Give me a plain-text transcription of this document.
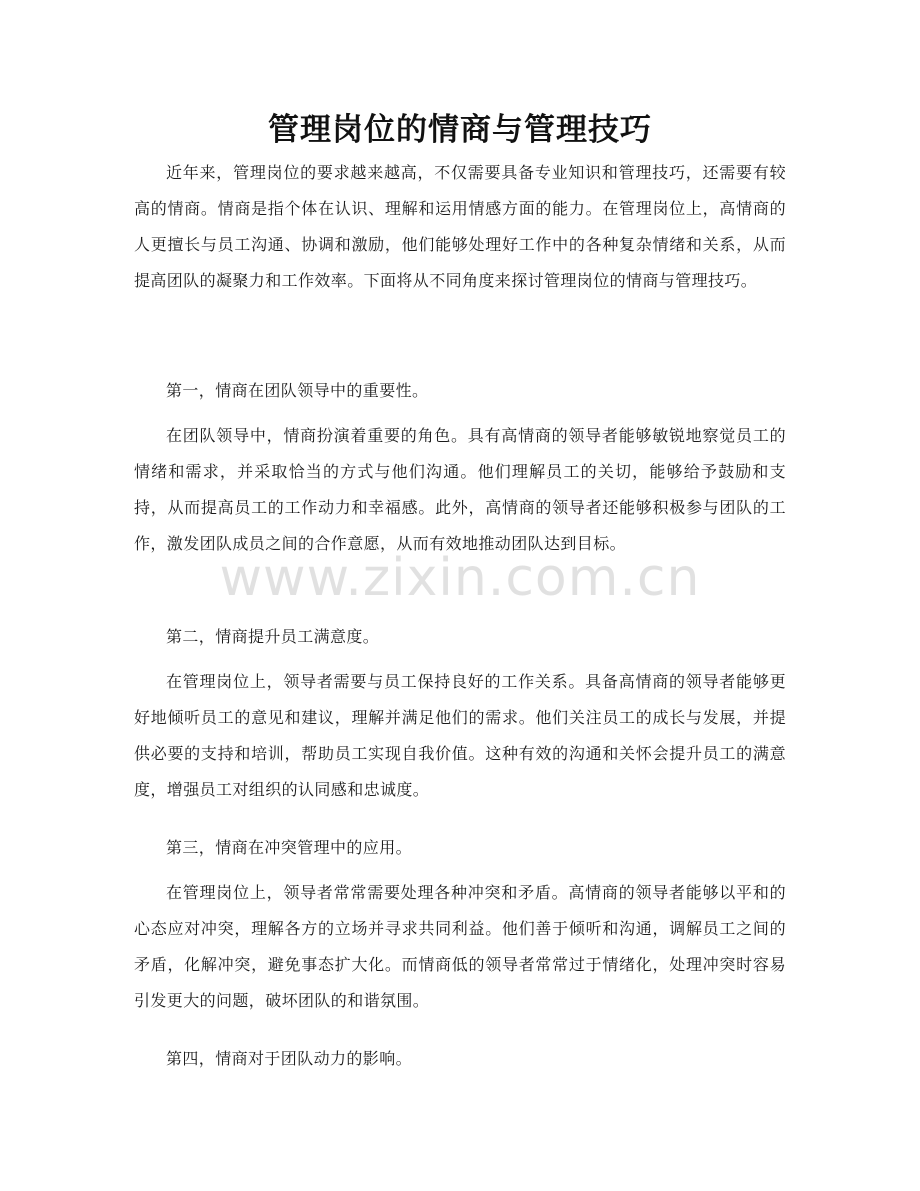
管理岗位的情商与管理技巧

近年来，管理岗位的要求越来越高，不仅需要具备专业知识和管理技巧，还需要有较高的情商。情商是指个体在认识、理解和运用情感方面的能力。在管理岗位上，高情商的人更擅长与员工沟通、协调和激励，他们能够处理好工作中的各种复杂情绪和关系，从而提高团队的凝聚力和工作效率。下面将从不同角度来探讨管理岗位的情商与管理技巧。

第一，情商在团队领导中的重要性。

在团队领导中，情商扮演着重要的角色。具有高情商的领导者能够敏锐地察觉员工的情绪和需求，并采取恰当的方式与他们沟通。他们理解员工的关切，能够给予鼓励和支持，从而提高员工的工作动力和幸福感。此外，高情商的领导者还能够积极参与团队的工作，激发团队成员之间的合作意愿，从而有效地推动团队达到目标。

第二，情商提升员工满意度。

在管理岗位上，领导者需要与员工保持良好的工作关系。具备高情商的领导者能够更好地倾听员工的意见和建议，理解并满足他们的需求。他们关注员工的成长与发展，并提供必要的支持和培训，帮助员工实现自我价值。这种有效的沟通和关怀会提升员工的满意度，增强员工对组织的认同感和忠诚度。

第三，情商在冲突管理中的应用。

在管理岗位上，领导者常常需要处理各种冲突和矛盾。高情商的领导者能够以平和的心态应对冲突，理解各方的立场并寻求共同利益。他们善于倾听和沟通，调解员工之间的矛盾，化解冲突，避免事态扩大化。而情商低的领导者常常过于情绪化，处理冲突时容易引发更大的问题，破坏团队的和谐氛围。

第四，情商对于团队动力的影响。

www.zixin.com.cn
